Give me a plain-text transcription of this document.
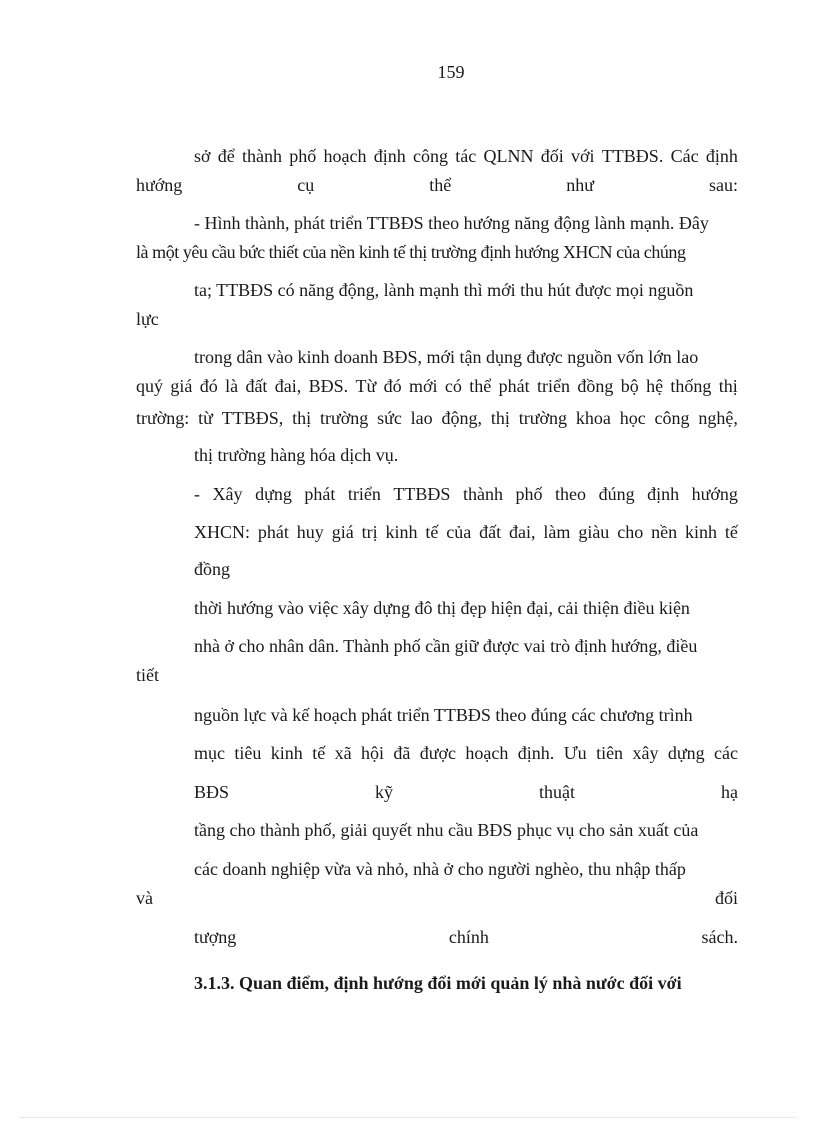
159
sở để thành phố hoạch định công tác QLNN đối với TTBĐS. Các định
hướng	cụ	thể	như	sau:
- Hình thành, phát triển TTBĐS theo hướng năng động lành mạnh. Đây
là một yêu cầu bức thiết của nền kinh tế thị trường định hướng XHCN của chúng
ta; TTBĐS có năng động, lành mạnh thì mới thu hút được mọi nguồn
lực
trong dân vào kinh doanh BĐS, mới tận dụng được nguồn vốn lớn lao
quý giá đó là đất đai, BĐS. Từ đó mới có thể phát triển đồng bộ hệ thống thị
trường: từ TTBĐS, thị trường sức lao động, thị trường khoa học công nghệ,
thị trường hàng hóa dịch vụ.
- Xây dựng phát triển TTBĐS thành phố theo đúng định hướng
XHCN: phát huy giá trị kinh tế của đất đai, làm giàu cho nền kinh tế
đồng
thời hướng vào việc xây dựng đô thị đẹp hiện đại, cải thiện điều kiện
nhà ở cho nhân dân. Thành phố cần giữ được vai trò định hướng, điều
tiết
nguồn lực và kế hoạch phát triển TTBĐS theo đúng các chương trình
mục tiêu kinh tế xã hội đã được hoạch định. Ưu tiên xây dựng các
BĐS	kỹ	thuật	hạ
tầng cho thành phố, giải quyết nhu cầu BĐS phục vụ cho sản xuất của
các doanh nghiệp vừa và nhỏ, nhà ở cho người nghèo, thu nhập thấp
và	đối
tượng	chính	sách.
3.1.3. Quan điểm, định hướng đổi mới quản lý nhà nước đối với
